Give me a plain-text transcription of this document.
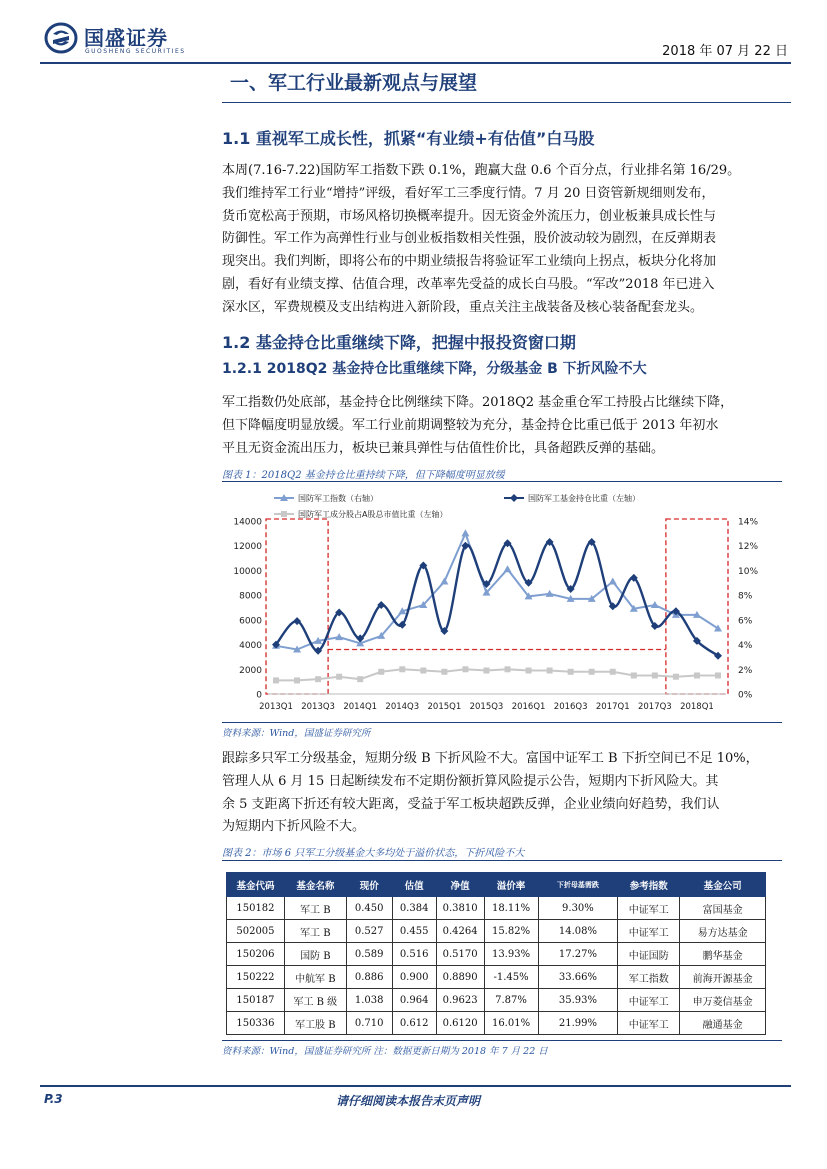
国盛证券
GUOSHENG SECURITIES	2018 年 07 月 22 日
一、军工行业最新观点与展望
1.1 重视军工成长性，抓紧“有业绩+有估值”白马股
本周(7.16-7.22)国防军工指数下跌 0.1%，跑赢大盘 0.6 个百分点，行业排名第 16/29。
我们维持军工行业“增持”评级，看好军工三季度行情。7 月 20 日资管新规细则发布，
货币宽松高于预期，市场风格切换概率提升。因无资金外流压力，创业板兼具成长性与
防御性。军工作为高弹性行业与创业板指数相关性强，股价波动较为剧烈，在反弹期表
现突出。我们判断，即将公布的中期业绩报告将验证军工业绩向上拐点，板块分化将加
剧，看好有业绩支撑、估值合理，改革率先受益的成长白马股。“军改”2018 年已进入
深水区，军费规模及支出结构进入新阶段，重点关注主战装备及核心装备配套龙头。
1.2 基金持仓比重继续下降，把握中报投资窗口期
1.2.1 2018Q2 基金持仓比重继续下降，分级基金 B 下折风险不大
军工指数仍处底部，基金持仓比例继续下降。2018Q2 基金重仓军工持股占比继续下降，
但下降幅度明显放缓。军工行业前期调整较为充分，基金持仓比重已低于 2013 年初水
平且无资金流出压力，板块已兼具弹性与估值性价比，具备超跌反弹的基础。
图表 1：2018Q2 基金持仓比重持续下降，但下降幅度明显放缓
国防军工指数（右轴）	国防军工基金持仓比重（左轴）
国防军工成分股占A股总市值比重（左轴）
0
2000
4000
6000
8000
10000
12000
14000
0%
2%
4%
6%
8%
10%
12%
14%
2013Q1 2013Q3 2014Q1 2014Q3 2015Q1 2015Q3 2016Q1 2016Q3 2017Q1 2017Q3 2018Q1
资料来源：Wind，国盛证券研究所
跟踪多只军工分级基金，短期分级 B 下折风险不大。富国中证军工 B 下折空间已不足 10%，
管理人从 6 月 15 日起断续发布不定期份额折算风险提示公告，短期内下折风险大。其
余 5 支距离下折还有较大距离，受益于军工板块超跌反弹，企业业绩向好趋势，我们认
为短期内下折风险不大。
图表 2：市场 6 只军工分级基金大多均处于溢价状态，下折风险不大
基金代码	基金名称	现价	估值	净值	溢价率	下折母基需跌	参考指数	基金公司
150182	军工 B	0.450	0.384	0.3810	18.11%	9.30%	中证军工	富国基金
502005	军工 B	0.527	0.455	0.4264	15.82%	14.08%	中证军工	易方达基金
150206	国防 B	0.589	0.516	0.5170	13.93%	17.27%	中证国防	鹏华基金
150222	中航军 B	0.886	0.900	0.8890	-1.45%	33.66%	军工指数	前海开源基金
150187	军工 B 级	1.038	0.964	0.9623	7.87%	35.93%	中证军工	申万菱信基金
150336	军工股 B	0.710	0.612	0.6120	16.01%	21.99%	中证军工	融通基金
资料来源：Wind，国盛证券研究所 注：数据更新日期为 2018 年 7 月 22 日
P.3	请仔细阅读本报告末页声明
